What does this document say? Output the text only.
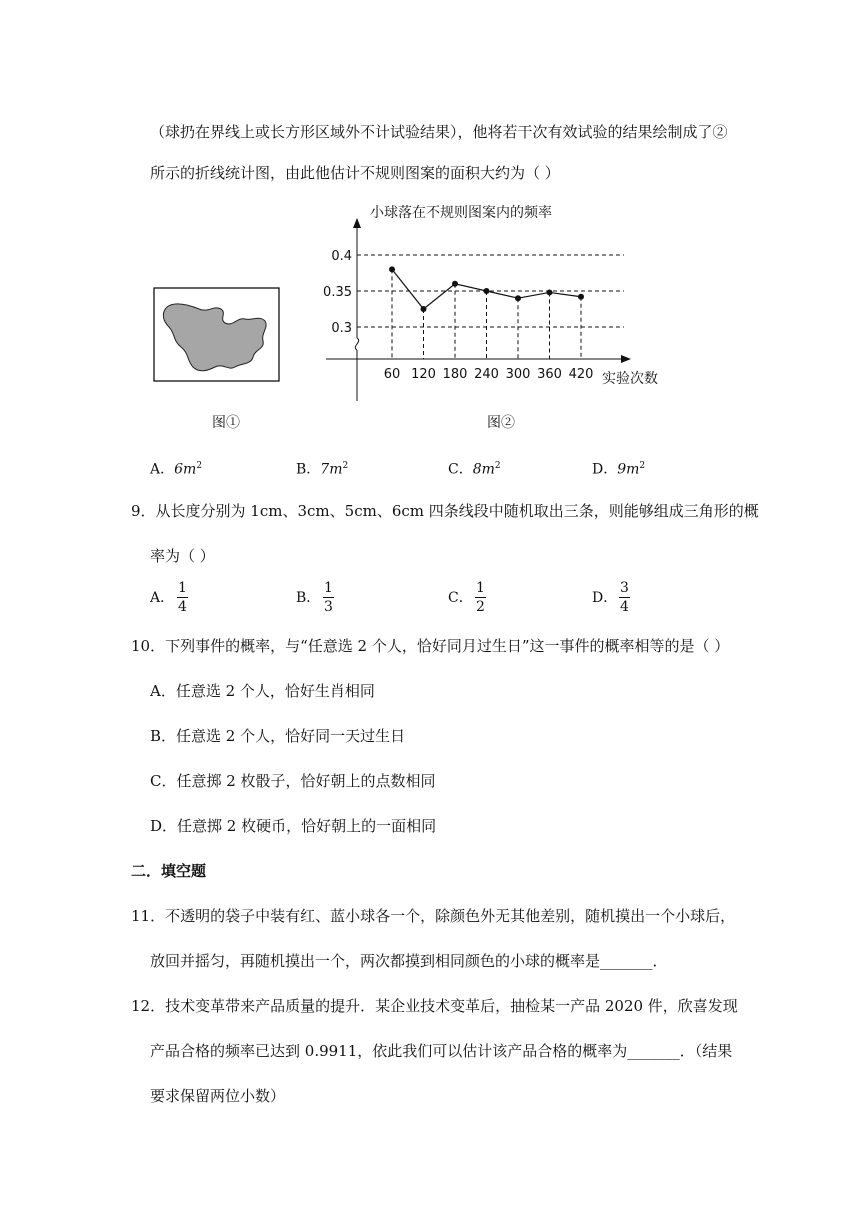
（球扔在界线上或长方形区域外不计试验结果），他将若干次有效试验的结果绘制成了②
所示的折线统计图，由此他估计不规则图案的面积大约为（ ）
小球落在不规则图案内的频率
0.3
0.35
0.4
60 120 180 240 300 360 420 实验次数
图①	图②
A．$6m^2$	B．$7m^2$	C．$8m^2$	D．$9m^2$
9．从长度分别为 1cm、3cm、5cm、6cm 四条线段中随机取出三条，则能够组成三角形的概
率为（ ）
A．
1
4
B．
1
3
C．
1
2
D．
3
4
10．下列事件的概率，与“任意选 2 个人，恰好同月过生日”这一事件的概率相等的是（ ）
A．任意选 2 个人，恰好生肖相同
B．任意选 2 个人，恰好同一天过生日
C．任意掷 2 枚骰子，恰好朝上的点数相同
D．任意掷 2 枚硬币，恰好朝上的一面相同
二．填空题
11．不透明的袋子中装有红、蓝小球各一个，除颜色外无其他差别，随机摸出一个小球后，
放回并摇匀，再随机摸出一个，两次都摸到相同颜色的小球的概率是_______．
12．技术变革带来产品质量的提升．某企业技术变革后，抽检某一产品 2020 件，欣喜发现
产品合格的频率已达到 0.9911，依此我们可以估计该产品合格的概率为_______．（结果
要求保留两位小数）
